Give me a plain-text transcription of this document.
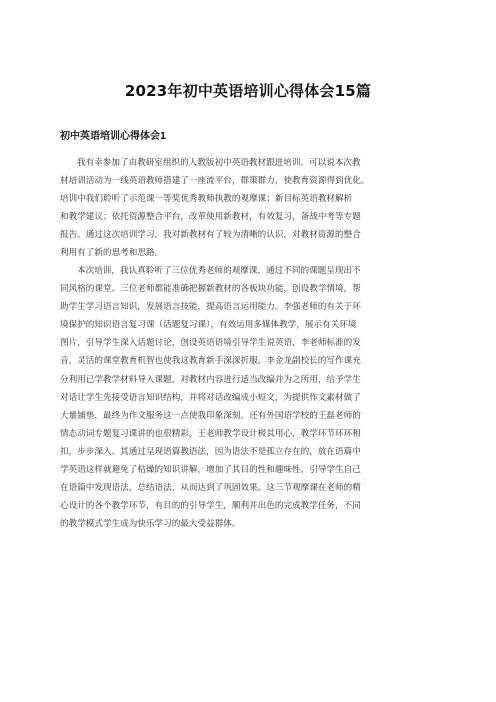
2023年初中英语培训心得体会15篇
初中英语培训心得体会1
我有幸参加了由教研室组织的人教版初中英语教材跟进培训。可以说本次教
材培训活动为一线英语教师搭建了一座流平台，群策群力，使教育资源得到优化。
培训中我们聆听了示范课一等奖优秀教师执教的观摩课；新目标英语教材解析
和教学建议；依托资源整合平台，改革使用新教材，有效复习，备战中考等专题
报告。通过这次培训学习，我对新教材有了较为清晰的认识，对教材资源的整合
利用有了新的思考和思路。
本次培训，我认真聆听了三位优秀老师的观摩课，通过不同的课题呈现出不
同风格的课堂。三位老师都能准确把握新教材的各板块功能，创设教学情境，帮
助学生学习语言知识，发展语言技能，提高语言运用能力。李强老师的有关于环
境保护的知识语言复习课（话题复习课），有效运用多媒体教学，展示有关环境
图片，引导学生深入话题讨论，创设英语语境引导学生说英语，李老师标准的发
音，灵活的课堂教育机智也使我这教育新手深深折服。李金龙副校长的写作课充
分利用已学教学材料导入课题，对教材内容进行适当改编并为之所用，给予学生
对话让学生先接受语言知识结构，并将对话改编成小短文，为提供作文素材做了
大量铺垫，最终为作文服务这一点使我印象深刻。还有外国语学校的王磊老师的
情态动词专题复习课讲的也很精彩。王老师教学设计极其用心，教学环节环环相
扣，步步深入。其通过呈现语篇教语法，因为语法不是孤立存在的，放在语篇中
学英语这样就避免了枯燥的知识讲解，增加了其目的性和趣味性，引导学生自己
在语篇中发现语法，总结语法，从而达到了巩固效果。这三节观摩课在老师的精
心设计的各个教学环节，有目的的引导学生，顺利并出色的完成教学任务，不同
的教学模式学生成为快乐学习的最大受益群体。
